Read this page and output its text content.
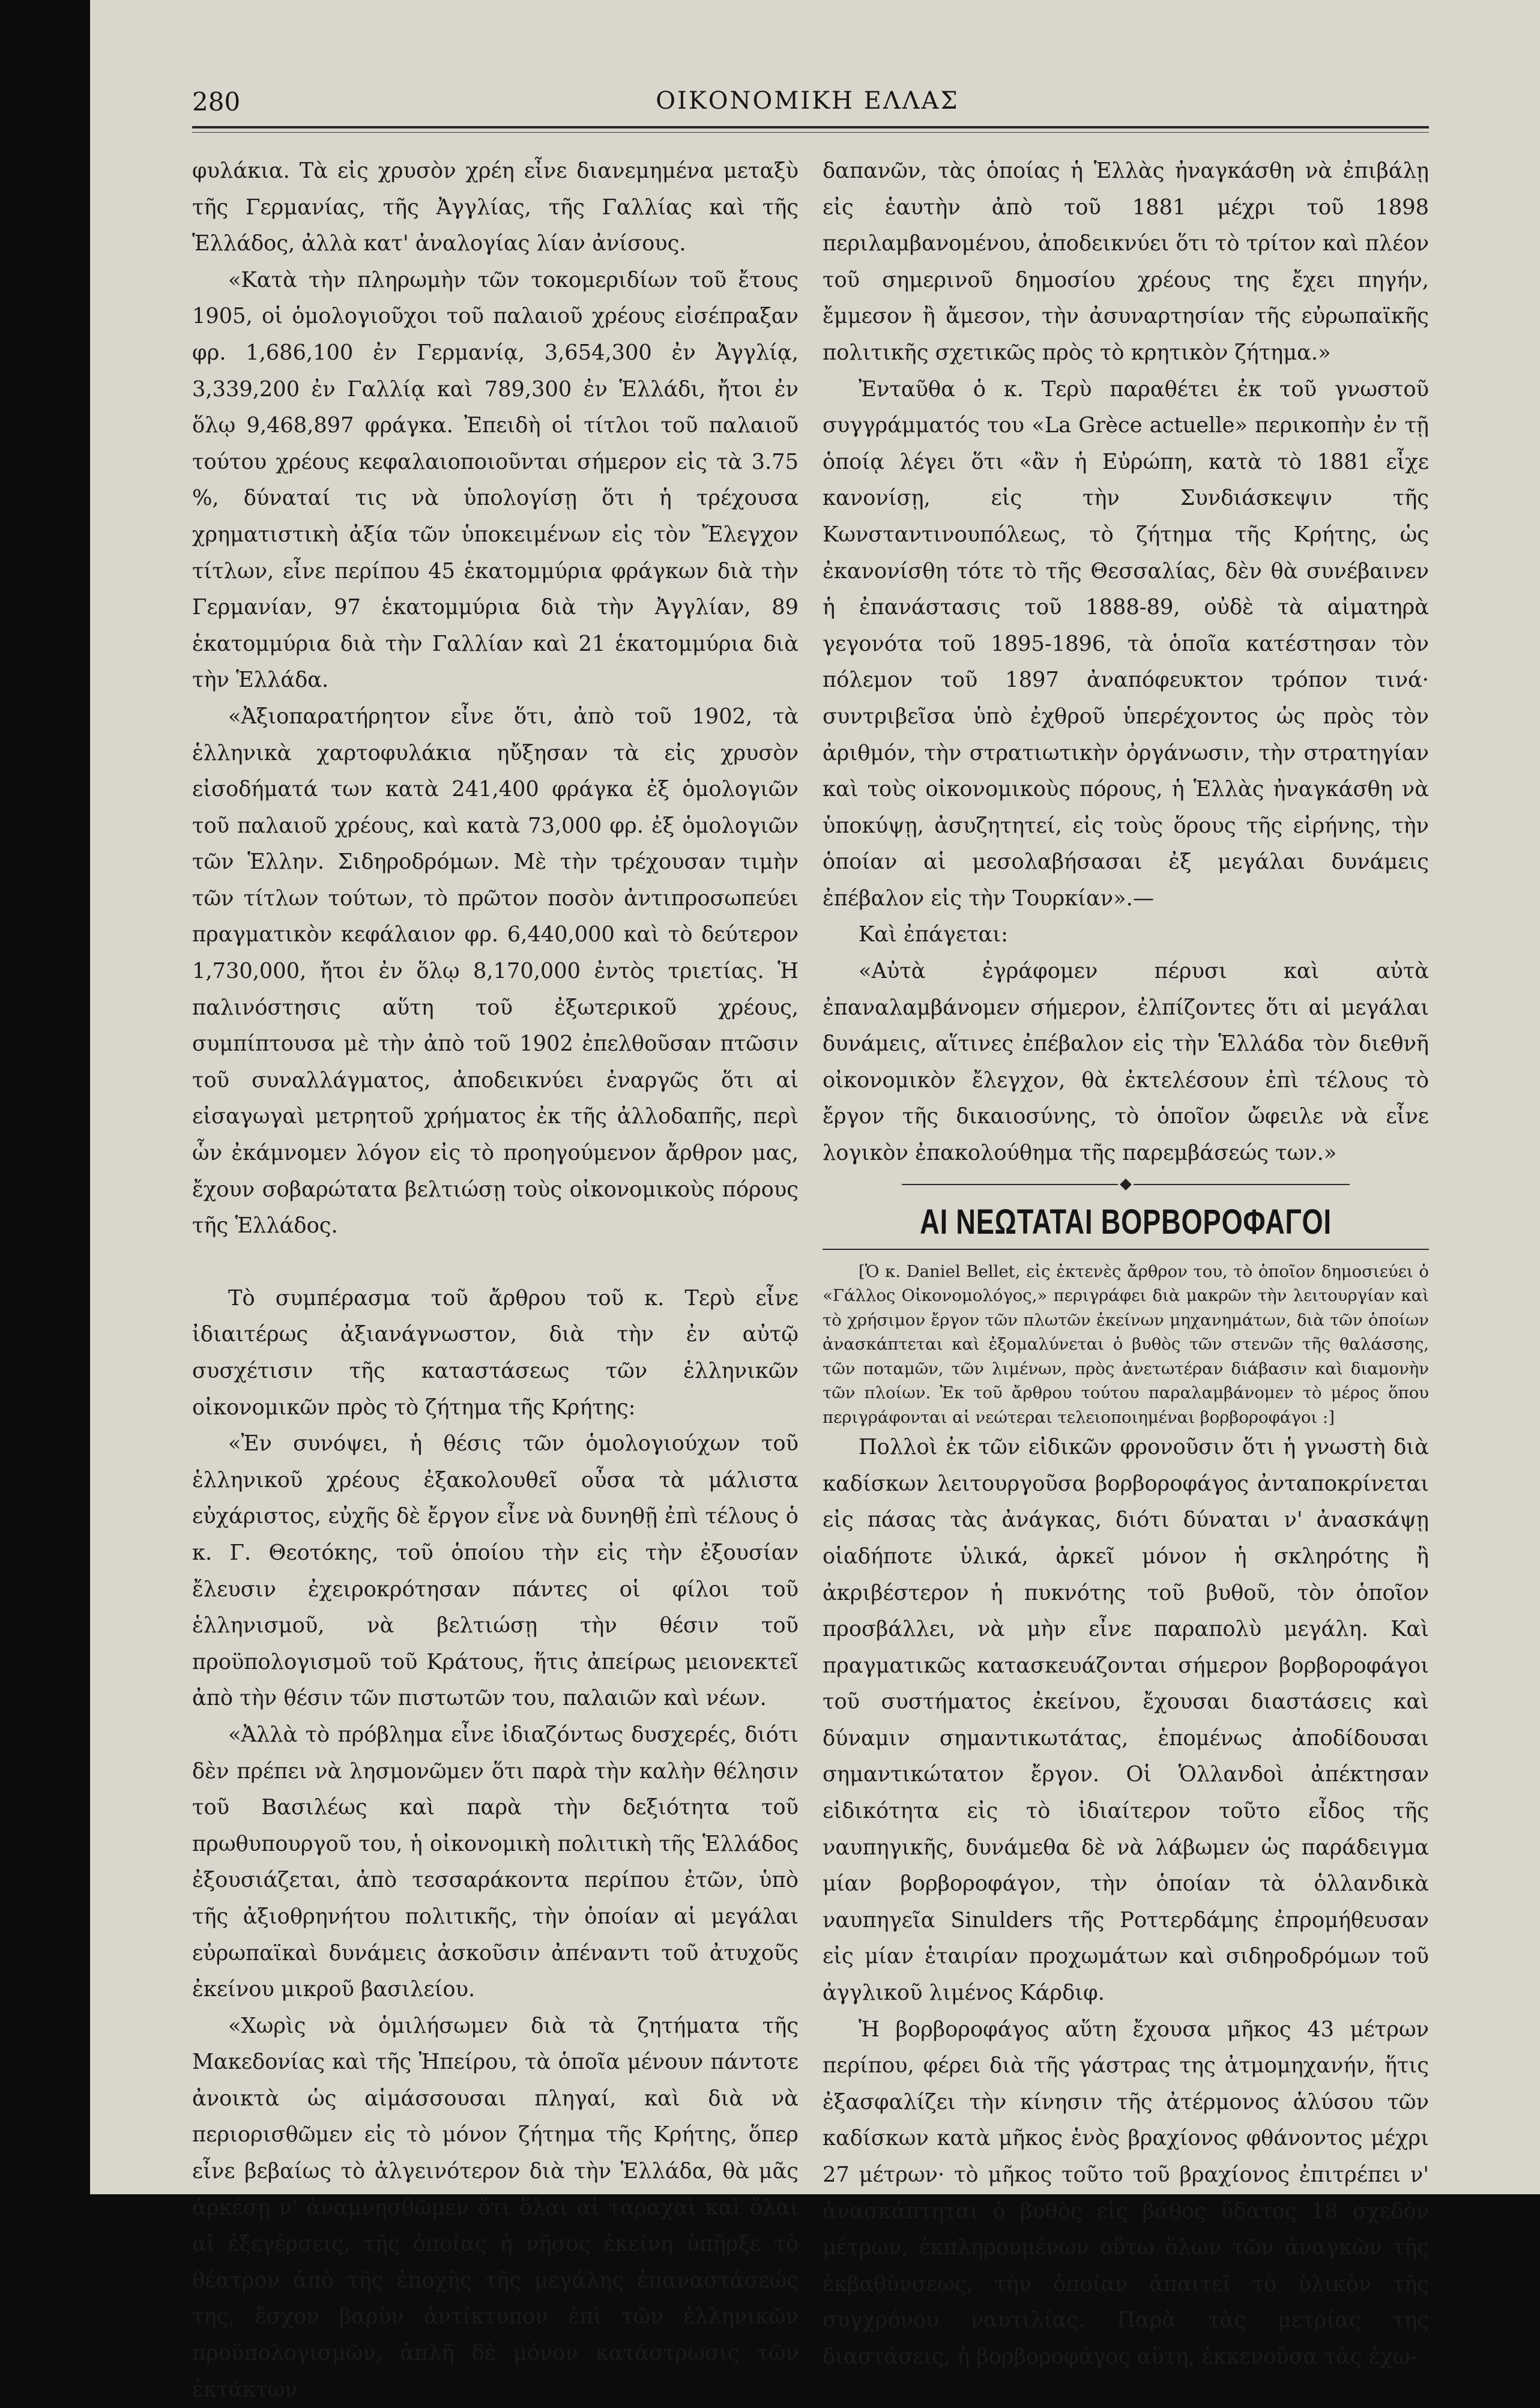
280	ΟΙΚΟΝΟΜΙΚΗ ΕΛΛΑΣ

φυλάκια. Τὰ εἰς χρυσὸν χρέη εἶνε διανεμημένα μεταξὺ τῆς Γερμανίας, τῆς Ἀγγλίας, τῆς Γαλλίας καὶ τῆς Ἑλλάδος, ἀλλὰ κατ' ἀναλογίας λίαν ἀνίσους.

«Κατὰ τὴν πληρωμὴν τῶν τοκομεριδίων τοῦ ἔτους 1905, οἱ ὁμολογιοῦχοι τοῦ παλαιοῦ χρέους εἰσέπραξαν φρ. 1,686,100 ἐν Γερμανίᾳ, 3,654,300 ἐν Ἀγγλίᾳ, 3,339,200 ἐν Γαλλίᾳ καὶ 789,300 ἐν Ἑλλάδι, ἤτοι ἐν ὅλῳ 9,468,897 φράγκα. Ἐπειδὴ οἱ τίτλοι τοῦ παλαιοῦ τούτου χρέους κεφαλαιοποιοῦνται σήμερον εἰς τὰ 3.75 %, δύναταί τις νὰ ὑπολογίσῃ ὅτι ἡ τρέχουσα χρηματιστικὴ ἀξία τῶν ὑποκειμένων εἰς τὸν Ἔλεγχον τίτλων, εἶνε περίπου 45 ἑκατομμύρια φράγκων διὰ τὴν Γερμανίαν, 97 ἑκατομμύρια διὰ τὴν Ἀγγλίαν, 89 ἑκατομμύρια διὰ τὴν Γαλλίαν καὶ 21 ἑκατομμύρια διὰ τὴν Ἑλλάδα.

«Ἀξιοπαρατήρητον εἶνε ὅτι, ἀπὸ τοῦ 1902, τὰ ἑλληνικὰ χαρτοφυλάκια ηὔξησαν τὰ εἰς χρυσὸν εἰσοδήματά των κατὰ 241,400 φράγκα ἐξ ὁμολογιῶν τοῦ παλαιοῦ χρέους, καὶ κατὰ 73,000 φρ. ἐξ ὁμολογιῶν τῶν Ἑλλην. Σιδηροδρόμων. Μὲ τὴν τρέχουσαν τιμὴν τῶν τίτλων τούτων, τὸ πρῶτον ποσὸν ἀντιπροσωπεύει πραγματικὸν κεφάλαιον φρ. 6,440,000 καὶ τὸ δεύτερον 1,730,000, ἤτοι ἐν ὅλῳ 8,170,000 ἐντὸς τριετίας. Ἡ παλινόστησις αὕτη τοῦ ἐξωτερικοῦ χρέους, συμπίπτουσα μὲ τὴν ἀπὸ τοῦ 1902 ἐπελθοῦσαν πτῶσιν τοῦ συναλλάγματος, ἀποδεικνύει ἐναργῶς ὅτι αἱ εἰσαγωγαὶ μετρητοῦ χρήματος ἐκ τῆς ἀλλοδαπῆς, περὶ ὧν ἐκάμνομεν λόγον εἰς τὸ προηγούμενον ἄρθρον μας, ἔχουν σοβαρώτατα βελτιώσῃ τοὺς οἰκονομικοὺς πόρους τῆς Ἑλλάδος.

Τὸ συμπέρασμα τοῦ ἄρθρου τοῦ κ. Τερὺ εἶνε ἰδιαιτέρως ἀξιανάγνωστον, διὰ τὴν ἐν αὐτῷ συσχέτισιν τῆς καταστάσεως τῶν ἑλληνικῶν οἰκονομικῶν πρὸς τὸ ζήτημα τῆς Κρήτης:

«Ἐν συνόψει, ἡ θέσις τῶν ὁμολογιούχων τοῦ ἑλληνικοῦ χρέους ἐξακολουθεῖ οὖσα τὰ μάλιστα εὐχάριστος, εὐχῆς δὲ ἔργον εἶνε νὰ δυνηθῇ ἐπὶ τέλους ὁ κ. Γ. Θεοτόκης, τοῦ ὁποίου τὴν εἰς τὴν ἐξουσίαν ἔλευσιν ἐχειροκρότησαν πάντες οἱ φίλοι τοῦ ἑλληνισμοῦ, νὰ βελτιώσῃ τὴν θέσιν τοῦ προϋπολογισμοῦ τοῦ Κράτους, ἥτις ἀπείρως μειονεκτεῖ ἀπὸ τὴν θέσιν τῶν πιστωτῶν του, παλαιῶν καὶ νέων.

«Ἀλλὰ τὸ πρόβλημα εἶνε ἰδιαζόντως δυσχερές, διότι δὲν πρέπει νὰ λησμονῶμεν ὅτι παρὰ τὴν καλὴν θέλησιν τοῦ Βασιλέως καὶ παρὰ τὴν δεξιότητα τοῦ πρωθυπουργοῦ του, ἡ οἰκονομικὴ πολιτικὴ τῆς Ἑλλάδος ἐξουσιάζεται, ἀπὸ τεσσαράκοντα περίπου ἐτῶν, ὑπὸ τῆς ἀξιοθρηνήτου πολιτικῆς, τὴν ὁποίαν αἱ μεγάλαι εὐρωπαϊκαὶ δυνάμεις ἀσκοῦσιν ἀπέναντι τοῦ ἀτυχοῦς ἐκείνου μικροῦ βασιλείου.

«Χωρὶς νὰ ὁμιλήσωμεν διὰ τὰ ζητήματα τῆς Μακεδονίας καὶ τῆς Ἠπείρου, τὰ ὁποῖα μένουν πάντοτε ἀνοικτὰ ὡς αἱμάσσουσαι πληγαί, καὶ διὰ νὰ περιορισθῶμεν εἰς τὸ μόνον ζήτημα τῆς Κρήτης, ὅπερ εἶνε βεβαίως τὸ ἀλγεινότερον διὰ τὴν Ἑλλάδα, θὰ μᾶς ἀρκέσῃ ν' ἀναμνησθῶμεν ὅτι ὅλαι αἱ ταραχαὶ καὶ ὅλαι αἱ ἐξεγέρσεις, τῆς ὁποίας ἡ νῆσος ἐκείνη ὑπῆρξε τὸ θέατρον ἀπὸ τῆς ἐποχῆς τῆς μεγάλης ἐπαναστάσεώς της, ἔσχον βαρὺν ἀντίκτυπον ἐπὶ τῶν ἑλληνικῶν προϋπολογισμῶν, ἁπλῆ δὲ μόνον κατάστρωσις τῶν ἐκτάκτων

δαπανῶν, τὰς ὁποίας ἡ Ἑλλὰς ἠναγκάσθη νὰ ἐπιβάλῃ εἰς ἑαυτὴν ἀπὸ τοῦ 1881 μέχρι τοῦ 1898 περιλαμβανομένου, ἀποδεικνύει ὅτι τὸ τρίτον καὶ πλέον τοῦ σημερινοῦ δημοσίου χρέους της ἔχει πηγήν, ἔμμεσον ἢ ἄμεσον, τὴν ἀσυναρτησίαν τῆς εὐρωπαϊκῆς πολιτικῆς σχετικῶς πρὸς τὸ κρητικὸν ζήτημα.»

Ἐνταῦθα ὁ κ. Τερὺ παραθέτει ἐκ τοῦ γνωστοῦ συγγράμματός του «La Grèce actuelle» περικοπὴν ἐν τῇ ὁποίᾳ λέγει ὅτι «ἂν ἡ Εὐρώπη, κατὰ τὸ 1881 εἶχε κανονίσῃ, εἰς τὴν Συνδιάσκεψιν τῆς Κωνσταντινουπόλεως, τὸ ζήτημα τῆς Κρήτης, ὡς ἐκανονίσθη τότε τὸ τῆς Θεσσαλίας, δὲν θὰ συνέβαινεν ἡ ἐπανάστασις τοῦ 1888-89, οὐδὲ τὰ αἱματηρὰ γεγονότα τοῦ 1895-1896, τὰ ὁποῖα κατέστησαν τὸν πόλεμον τοῦ 1897 ἀναπόφευκτον τρόπον τινά· συντριβεῖσα ὑπὸ ἐχθροῦ ὑπερέχοντος ὡς πρὸς τὸν ἀριθμόν, τὴν στρατιωτικὴν ὀργάνωσιν, τὴν στρατηγίαν καὶ τοὺς οἰκονομικοὺς πόρους, ἡ Ἑλλὰς ἠναγκάσθη νὰ ὑποκύψῃ, ἀσυζητητεί, εἰς τοὺς ὅρους τῆς εἰρήνης, τὴν ὁποίαν αἱ μεσολαβήσασαι ἐξ μεγάλαι δυνάμεις ἐπέβαλον εἰς τὴν Τουρκίαν».—

Καὶ ἐπάγεται:

«Αὐτὰ ἐγράφομεν πέρυσι καὶ αὐτὰ ἐπαναλαμβάνομεν σήμερον, ἐλπίζοντες ὅτι αἱ μεγάλαι δυνάμεις, αἵτινες ἐπέβαλον εἰς τὴν Ἑλλάδα τὸν διεθνῆ οἰκονομικὸν ἔλεγχον, θὰ ἐκτελέσουν ἐπὶ τέλους τὸ ἔργον τῆς δικαιοσύνης, τὸ ὁποῖον ὤφειλε νὰ εἶνε λογικὸν ἐπακολούθημα τῆς παρεμβάσεώς των.»

ΑΙ ΝΕΩΤΑΤΑΙ ΒΟΡΒΟΡΟΦΑΓΟΙ

[Ὁ κ. Daniel Bellet, εἰς ἐκτενὲς ἄρθρον του, τὸ ὁποῖον δημοσιεύει ὁ «Γάλλος Οἰκονομολόγος,» περιγράφει διὰ μακρῶν τὴν λειτουργίαν καὶ τὸ χρήσιμον ἔργον τῶν πλωτῶν ἐκείνων μηχανημάτων, διὰ τῶν ὁποίων ἀνασκάπτεται καὶ ἐξομαλύνεται ὁ βυθὸς τῶν στενῶν τῆς θαλάσσης, τῶν ποταμῶν, τῶν λιμένων, πρὸς ἀνετωτέραν διάβασιν καὶ διαμονὴν τῶν πλοίων. Ἐκ τοῦ ἄρθρου τούτου παραλαμβάνομεν τὸ μέρος ὅπου περιγράφονται αἱ νεώτεραι τελειοποιημέναι βορβοροφάγοι :]

Πολλοὶ ἐκ τῶν εἰδικῶν φρονοῦσιν ὅτι ἡ γνωστὴ διὰ καδίσκων λειτουργοῦσα βορβοροφάγος ἀνταποκρίνεται εἰς πάσας τὰς ἀνάγκας, διότι δύναται ν' ἀνασκάψῃ οἱαδήποτε ὑλικά, ἀρκεῖ μόνον ἡ σκληρότης ἢ ἀκριβέστερον ἡ πυκνότης τοῦ βυθοῦ, τὸν ὁποῖον προσβάλλει, νὰ μὴν εἶνε παραπολὺ μεγάλη. Καὶ πραγματικῶς κατασκευάζονται σήμερον βορβοροφάγοι τοῦ συστήματος ἐκείνου, ἔχουσαι διαστάσεις καὶ δύναμιν σημαντικωτάτας, ἑπομένως ἀποδίδουσαι σημαντικώτατον ἔργον. Οἱ Ὁλλανδοὶ ἀπέκτησαν εἰδικότητα εἰς τὸ ἰδιαίτερον τοῦτο εἶδος τῆς ναυπηγικῆς, δυνάμεθα δὲ νὰ λάβωμεν ὡς παράδειγμα μίαν βορβοροφάγον, τὴν ὁποίαν τὰ ὁλλανδικὰ ναυπηγεῖα Sinulders τῆς Ροττερδάμης ἐπρομήθευσαν εἰς μίαν ἑταιρίαν προχωμάτων καὶ σιδηροδρόμων τοῦ ἀγγλικοῦ λιμένος Κάρδιφ.

Ἡ βορβοροφάγος αὕτη ἔχουσα μῆκος 43 μέτρων περίπου, φέρει διὰ τῆς γάστρας της ἀτμομηχανήν, ἥτις ἐξασφαλίζει τὴν κίνησιν τῆς ἀτέρμονος ἁλύσου τῶν καδίσκων κατὰ μῆκος ἑνὸς βραχίονος φθάνοντος μέχρι 27 μέτρων· τὸ μῆκος τοῦτο τοῦ βραχίονος ἐπιτρέπει ν' ἀνασκάπτηται ὁ βυθὸς εἰς βάθος ὕδατος 18 σχεδὸν μέτρων, ἐκπληρουμένων οὕτω ὅλων τῶν ἀναγκῶν τῆς ἐκβαθύνσεως, τὴν ὁποίαν ἀπαιτεῖ τὸ ὑλικὸν τῆς συγχρόνου ναυτιλίας. Παρὰ τὰς μετρίας της διαστάσεις, ἡ βορβοροφάγος αὕτη, ἐκκενοῦσα τὰς ἐχω-
